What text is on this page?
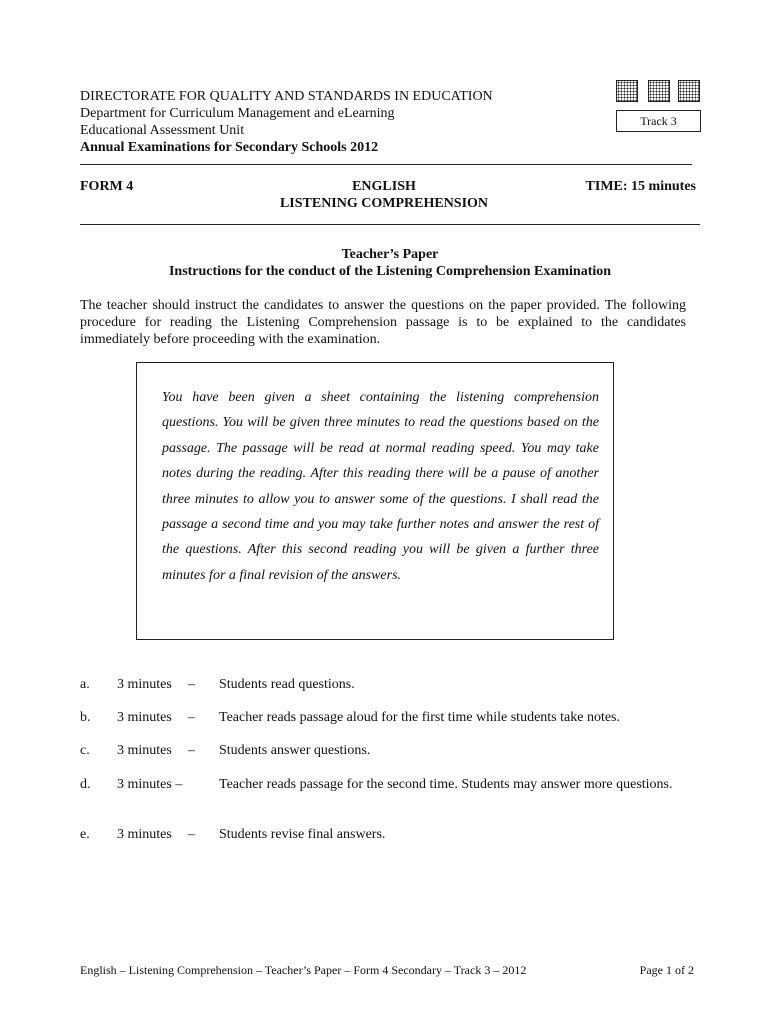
DIRECTORATE FOR QUALITY AND STANDARDS IN EDUCATION
Department for Curriculum Management and eLearning
Educational Assessment Unit
Annual Examinations for Secondary Schools 2012
Track 3
FORM 4	ENGLISH
LISTENING COMPREHENSION
TIME: 15 minutes
Teacher’s Paper
Instructions for the conduct of the Listening Comprehension Examination
The teacher should instruct the candidates to answer the questions on the paper provided. The following procedure for reading the Listening Comprehension passage is to be explained to the candidates immediately before proceeding with the examination.
You have been given a sheet containing the listening comprehension questions. You will be given three minutes to read the questions based on the passage. The passage will be read at normal reading speed. You may take notes during the reading. After this reading there will be a pause of another three minutes to allow you to answer some of the questions. I shall read the passage a second time and you may take further notes and answer the rest of the questions. After this second reading you will be given a further three minutes for a final revision of the answers.
a. 3 minutes – Students read questions.
b. 3 minutes – Teacher reads passage aloud for the first time while students take notes.
c. 3 minutes – Students answer questions.
d. 3 minutes –	Teacher reads passage for the second time. Students may answer more questions.
e. 3 minutes – Students revise final answers.
English – Listening Comprehension – Teacher’s Paper – Form 4 Secondary – Track 3 – 2012	Page 1 of 2
